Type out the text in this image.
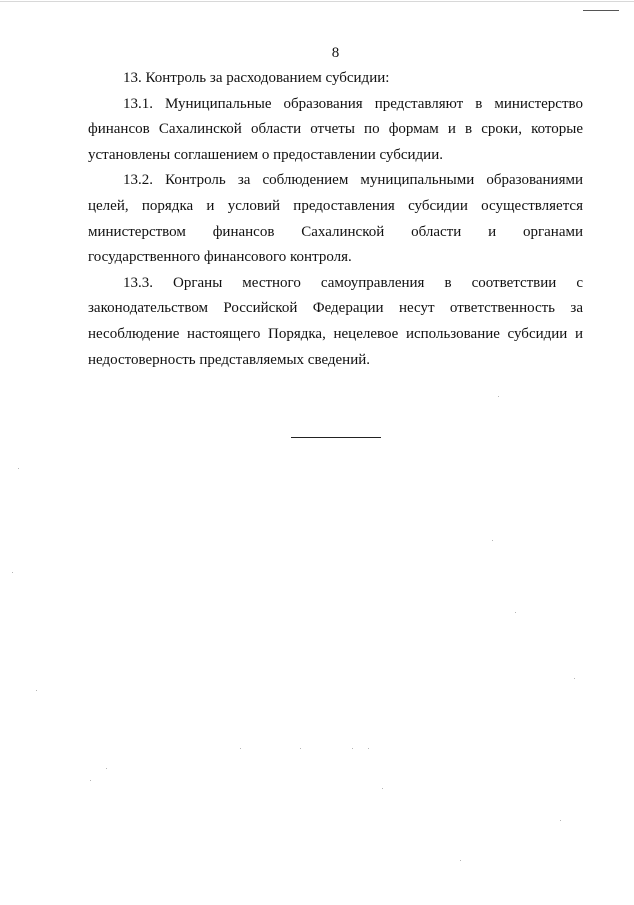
8

13. Контроль за расходованием субсидии:

13.1. Муниципальные образования представляют в министерство финансов Сахалинской области отчеты по формам и в сроки, которые установлены соглашением о предоставлении субсидии.

13.2. Контроль за соблюдением муниципальными образованиями целей, порядка и условий предоставления субсидии осуществляется министерством финансов Сахалинской области и органами государственного финансового контроля.

13.3. Органы местного самоуправления в соответствии с законодательством Российской Федерации несут ответственность за несоблюдение настоящего Порядка, нецелевое использование субсидии и недостоверность представляемых сведений.
